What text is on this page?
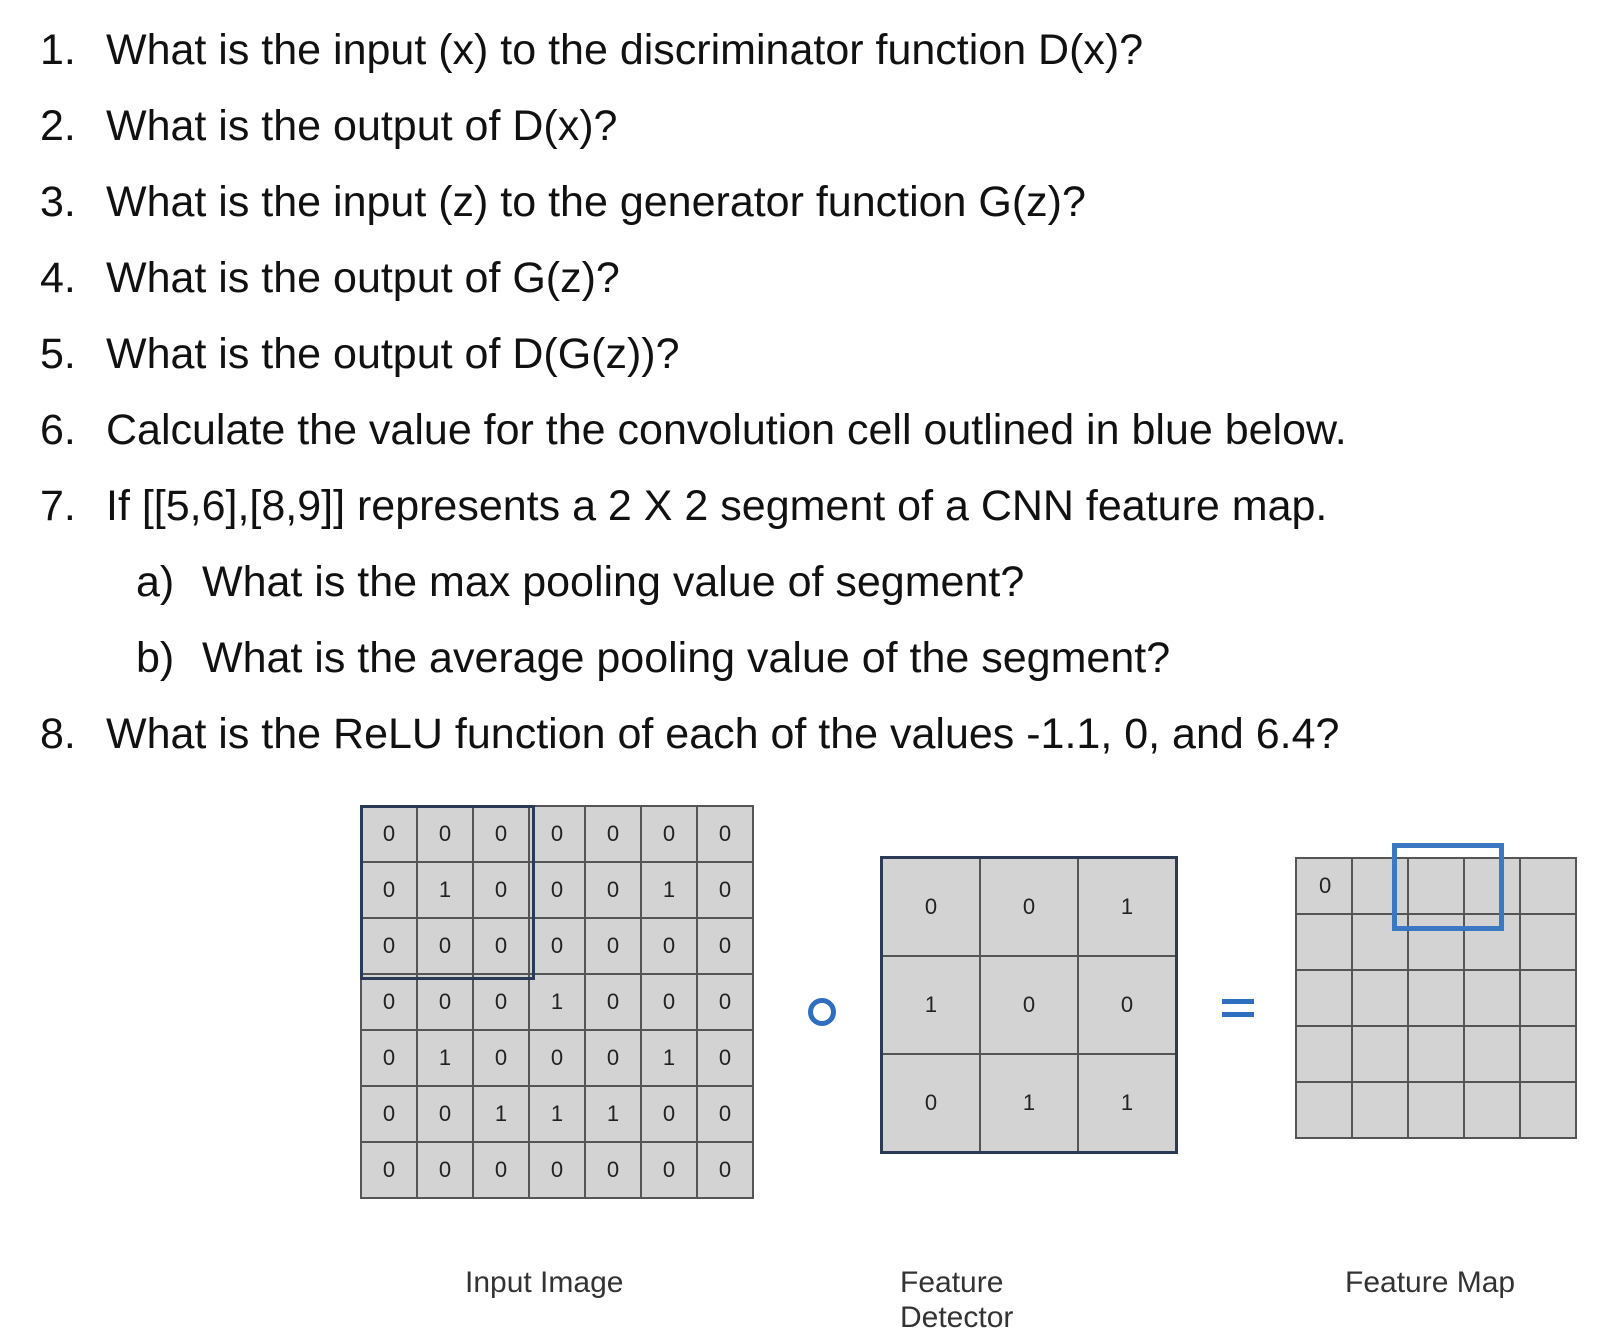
1. What is the input (x) to the discriminator function D(x)?
2. What is the output of D(x)?
3. What is the input (z) to the generator function G(z)?
4. What is the output of G(z)?
5. What is the output of D(G(z))?
6. Calculate the value for the convolution cell outlined in blue below.
7. If [[5,6],[8,9]] represents a 2 X 2 segment of a CNN feature map.
a) What is the max pooling value of segment?
b) What is the average pooling value of the segment?
8. What is the ReLU function of each of the values -1.1, 0, and 6.4?
0	0	0	0	0	0	0
0	1	0	0	0	1	0
0	0	0	0	0	0	0
0	0	0	1	0	0	0
0	1	0	0	0	1	0
0	0	1	1	1	0	0
0	0	0	0	0	0	0
0	0	1
1	0	0
0	1	1
0				

Input Image	Feature Detector
Feature Map
